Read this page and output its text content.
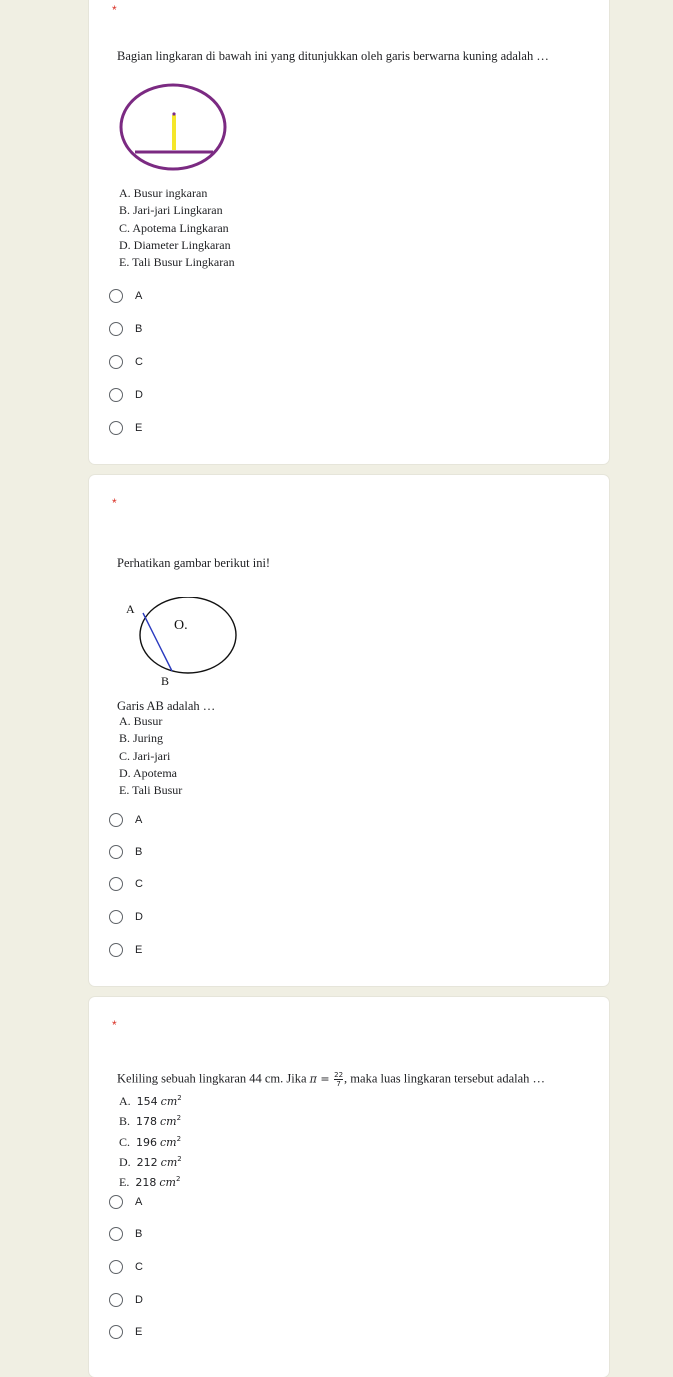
*
Bagian lingkaran di bawah ini yang ditunjukkan oleh garis berwarna kuning adalah …
A. Busur ingkaran
B. Jari-jari Lingkaran
C. Apotema Lingkaran
D. Diameter Lingkaran
E. Tali Busur Lingkaran
A
B
C
D
E
*
Perhatikan gambar berikut ini!
A
B
O.
Garis AB adalah …
A. Busur
B. Juring
C. Jari-jari
D. Apotema
E. Tali Busur
A
B
C
D
E
*
Keliling sebuah lingkaran 44 cm. Jika $\pi = \frac{22}{7}$ , maka luas lingkaran tersebut adalah …
A. 154 $cm^2$
B. 178 $cm^2$
C. 196 $cm^2$
D. 212 $cm^2$
E. 218 $cm^2$
A
B
C
D
E
